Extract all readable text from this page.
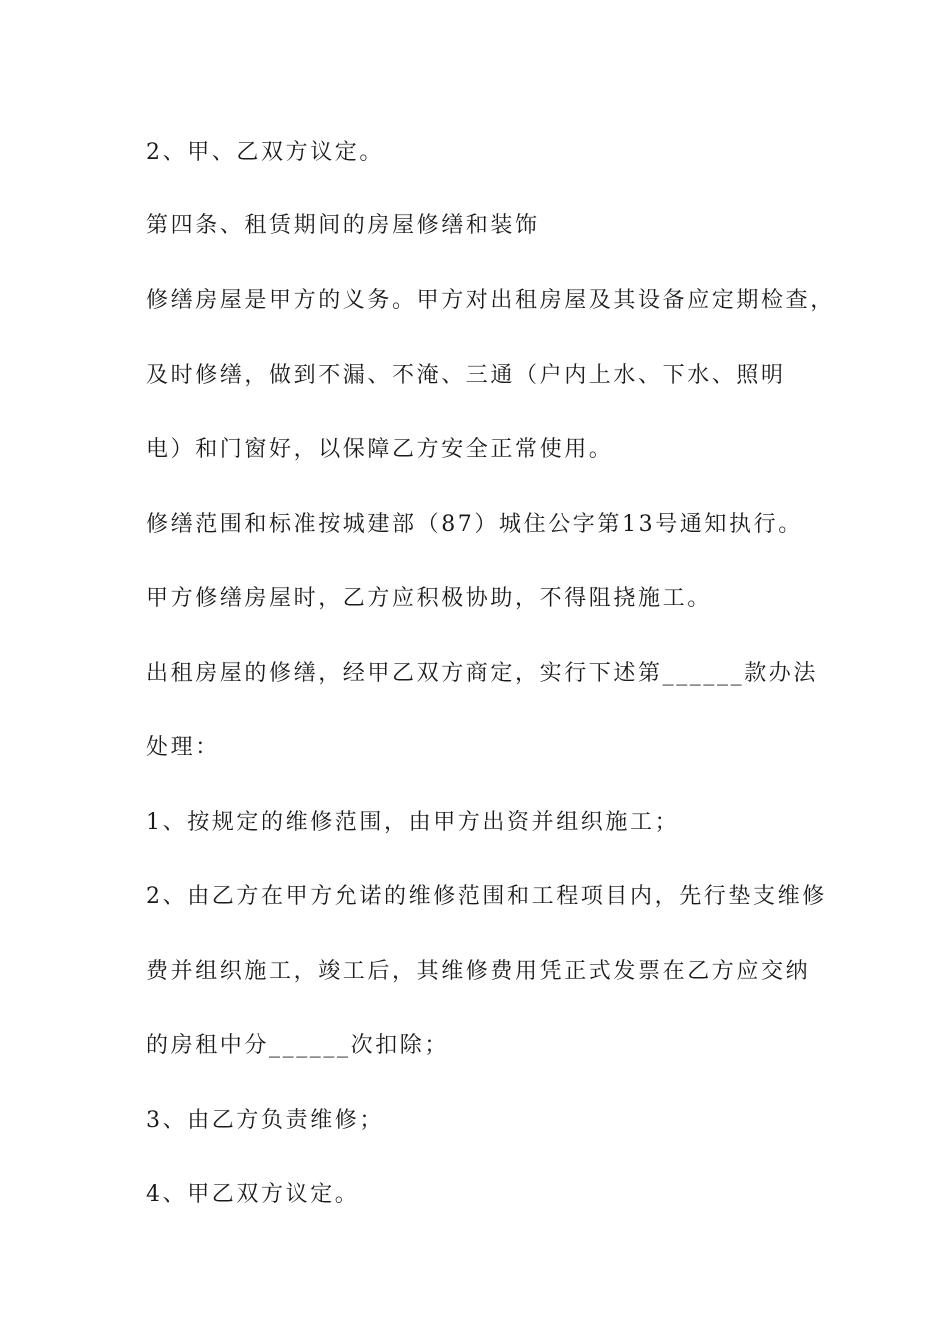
2、甲、乙双方议定。
第四条、租赁期间的房屋修缮和装饰
修缮房屋是甲方的义务。甲方对出租房屋及其设备应定期检查，
及时修缮，做到不漏、不淹、三通（户内上水、下水、照明
电）和门窗好，以保障乙方安全正常使用。
修缮范围和标准按城建部（87）城住公字第13号通知执行。
甲方修缮房屋时，乙方应积极协助，不得阻挠施工。
出租房屋的修缮，经甲乙双方商定，实行下述第______款办法
处理：
1、按规定的维修范围，由甲方出资并组织施工；
2、由乙方在甲方允诺的维修范围和工程项目内，先行垫支维修
费并组织施工，竣工后，其维修费用凭正式发票在乙方应交纳
的房租中分______次扣除；
3、由乙方负责维修；
4、甲乙双方议定。
